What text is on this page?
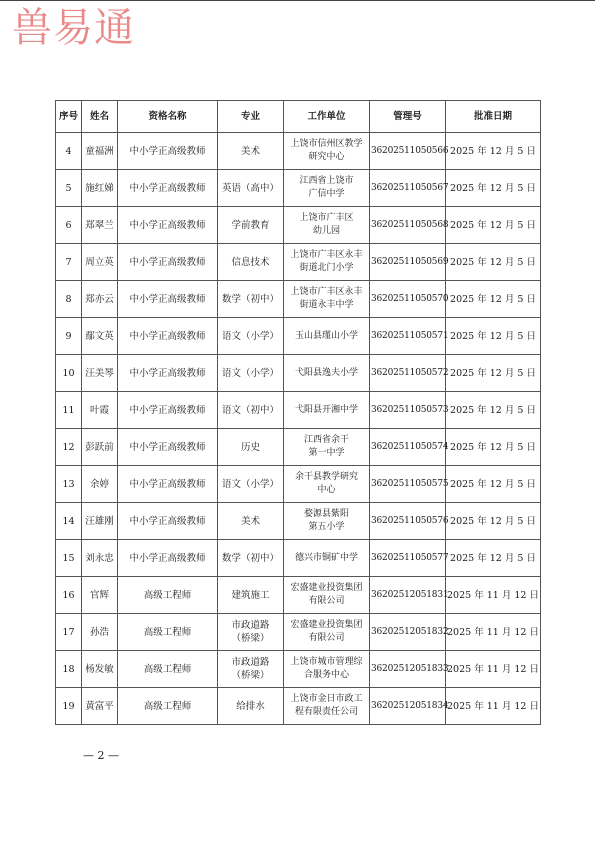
兽易通
序号	姓名	资格名称	专业	工作单位	管理号	批准日期
4	童福洲	中小学正高级教师	美术	上饶市信州区教学
研究中心	36202511050566	2025 年 12 月 5 日
5	施红娣	中小学正高级教师	英语（高中）	江西省上饶市
广信中学	36202511050567	2025 年 12 月 5 日
6	郑翠兰	中小学正高级教师	学前教育	上饶市广丰区
幼儿园	36202511050568	2025 年 12 月 5 日
7	周立英	中小学正高级教师	信息技术	上饶市广丰区永丰
街道北门小学	36202511050569	2025 年 12 月 5 日
8	郑亦云	中小学正高级教师	数学（初中）	上饶市广丰区永丰
街道永丰中学	36202511050570	2025 年 12 月 5 日
9	鄢文英	中小学正高级教师	语文（小学）	玉山县瑾山小学	36202511050571	2025 年 12 月 5 日
10	汪美琴	中小学正高级教师	语文（小学）	弋阳县逸夫小学	36202511050572	2025 年 12 月 5 日
11	叶霞	中小学正高级教师	语文（初中）	弋阳县开湘中学	36202511050573	2025 年 12 月 5 日
12	彭跃前	中小学正高级教师	历史	江西省余干
第一中学	36202511050574	2025 年 12 月 5 日
13	余婷	中小学正高级教师	语文（小学）	余干县教学研究
中心	36202511050575	2025 年 12 月 5 日
14	汪雄刚	中小学正高级教师	美术	婺源县紫阳
第五小学	36202511050576	2025 年 12 月 5 日
15	刘永忠	中小学正高级教师	数学（初中）	德兴市铜矿中学	36202511050577	2025 年 12 月 5 日
16	官辉	高级工程师	建筑施工	宏盛建业投资集团
有限公司	36202512051831	2025 年 11 月 12 日
17	孙浩	高级工程师	市政道路（桥梁）	宏盛建业投资集团
有限公司	36202512051832	2025 年 11 月 12 日
18	杨发敏	高级工程师	市政道路（桥梁）	上饶市城市管理综
合服务中心	36202512051833	2025 年 11 月 12 日
19	黄富平	高级工程师	给排水	上饶市金日市政工
程有限责任公司	36202512051834	2025 年 11 月 12 日
— 2 —
